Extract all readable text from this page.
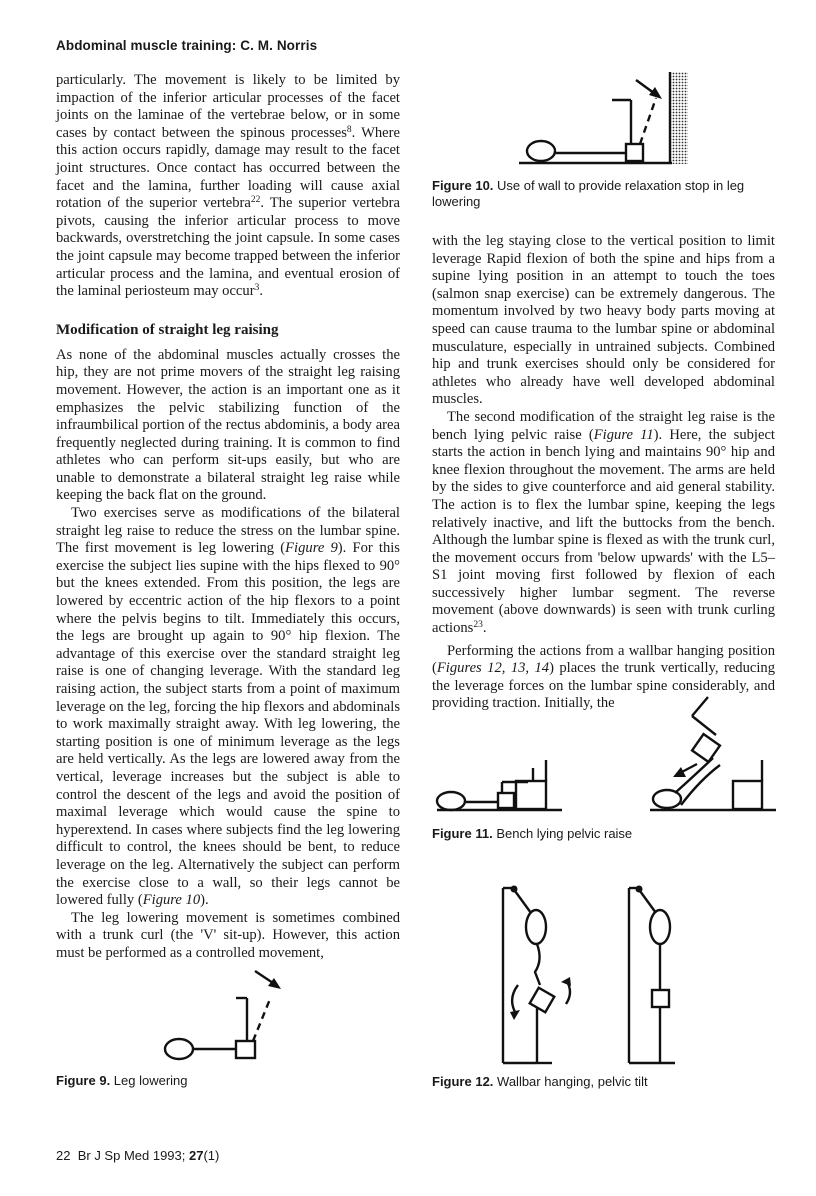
Abdominal muscle training: C. M. Norris

particularly. The movement is likely to be limited by impaction of the inferior articular processes of the facet joints on the laminae of the vertebrae below, or in some cases by contact between the spinous processes$^8$. Where this action occurs rapidly, damage may result to the facet joint structures. Once contact has occurred between the facet and the lamina, further loading will cause axial rotation of the superior vertebra$^{22}$. The superior vertebra pivots, causing the inferior articular process to move backwards, overstretching the joint capsule. In some cases the joint capsule may become trapped between the inferior articular process and the lamina, and eventual erosion of the laminal periosteum may occur$^3$.

Modification of straight leg raising

As none of the abdominal muscles actually crosses the hip, they are not prime movers of the straight leg raising movement. However, the action is an important one as it emphasizes the pelvic stabilizing function of the infraumbilical portion of the rectus abdominis, a body area frequently neglected during training. It is common to find athletes who can perform sit-ups easily, but who are unable to demonstrate a bilateral straight leg raise while keeping the back flat on the ground.

Two exercises serve as modifications of the bilateral straight leg raise to reduce the stress on the lumbar spine. The first movement is leg lowering (Figure 9). For this exercise the subject lies supine with the hips flexed to 90° but the knees extended. From this position, the legs are lowered by eccentric action of the hip flexors to a point where the pelvis begins to tilt. Immediately this occurs, the legs are brought up again to 90° hip flexion. The advantage of this exercise over the standard straight leg raise is one of changing leverage. With the standard leg raising action, the subject starts from a point of maximum leverage on the leg, forcing the hip flexors and abdominals to work maximally straight away. With leg lowering, the starting position is one of minimum leverage as the legs are held vertically. As the legs are lowered away from the vertical, leverage increases but the subject is able to control the descent of the legs and avoid the position of maximal leverage which would cause the spine to hyperextend. In cases where subjects find the leg lowering difficult to control, the knees should be bent, to reduce leverage on the leg. Alternatively the subject can perform the exercise close to a wall, so their legs cannot be lowered fully (Figure 10).

The leg lowering movement is sometimes combined with a trunk curl (the 'V' sit-up). However, this action must be performed as a controlled movement,

with the leg staying close to the vertical position to limit leverage Rapid flexion of both the spine and hips from a supine lying position in an attempt to touch the toes (salmon snap exercise) can be extremely dangerous. The momentum involved by two heavy body parts moving at speed can cause trauma to the lumbar spine or abdominal musculature, especially in untrained subjects. Combined hip and trunk exercises should only be considered for athletes who already have well developed abdominal muscles.

The second modification of the straight leg raise is the bench lying pelvic raise (Figure 11). Here, the subject starts the action in bench lying and maintains 90° hip and knee flexion throughout the movement. The arms are held by the sides to give counterforce and aid general stability. The action is to flex the lumbar spine, keeping the legs relatively inactive, and lift the buttocks from the bench. Although the lumbar spine is flexed as with the trunk curl, the movement occurs from 'below upwards' with the L5–S1 joint moving first followed by flexion of each successively higher lumbar segment. The reverse movement (above downwards) is seen with trunk curling actions$^{23}$.

Performing the actions from a wallbar hanging position (Figures 12, 13, 14) places the trunk vertically, reducing the leverage forces on the lumbar spine considerably, and providing traction. Initially, the

Figure 10. Use of wall to provide relaxation stop in leg lowering
Figure 11. Bench lying pelvic raise
Figure 12. Wallbar hanging, pelvic tilt
Figure 9. Leg lowering
22 Br J Sp Med 1993; 27(1)
